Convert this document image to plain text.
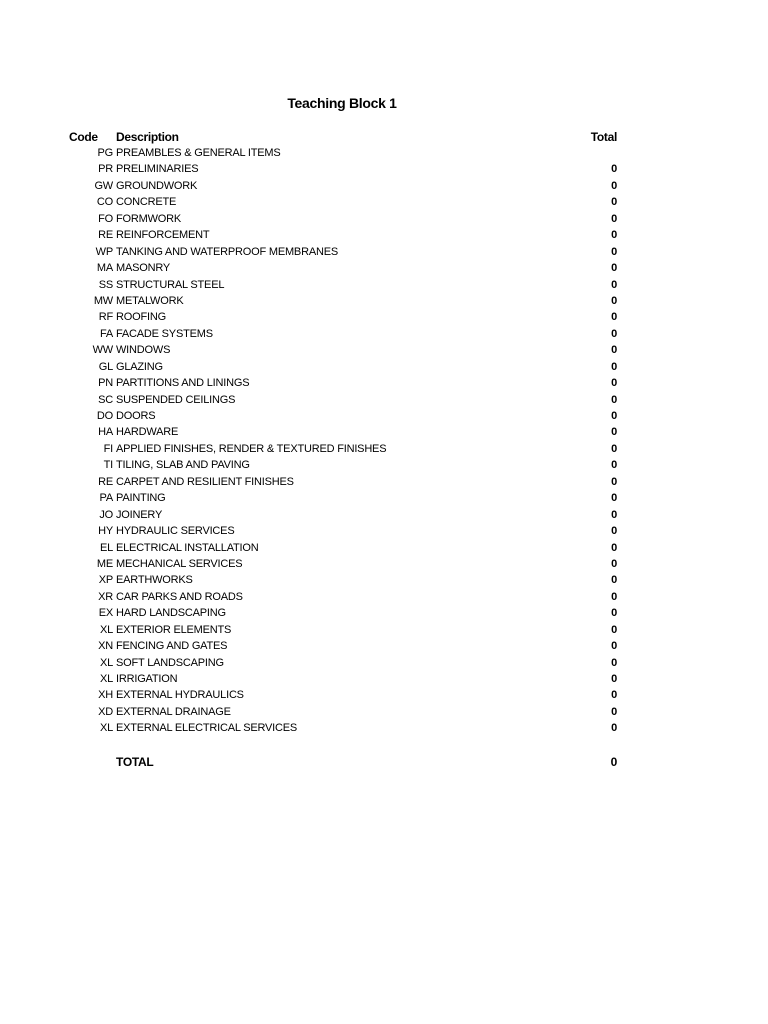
Teaching Block 1
Code Description	Total
PG PREAMBLES & GENERAL ITEMS
PR PRELIMINARIES	0
GW GROUNDWORK	0
CO CONCRETE	0
FO FORMWORK	0
RE REINFORCEMENT	0
WP TANKING AND WATERPROOF MEMBRANES	0
MA MASONRY	0
SS STRUCTURAL STEEL	0
MW METALWORK	0
RF ROOFING	0
FA FACADE SYSTEMS	0
WW WINDOWS	0
GL GLAZING	0
PN PARTITIONS AND LININGS	0
SC SUSPENDED CEILINGS	0
DO DOORS	0
HA HARDWARE	0
FI APPLIED FINISHES, RENDER & TEXTURED FINISHES	0
TI TILING, SLAB AND PAVING	0
RE CARPET AND RESILIENT FINISHES	0
PA PAINTING	0
JO JOINERY	0
HY HYDRAULIC SERVICES	0
EL ELECTRICAL INSTALLATION	0
ME MECHANICAL SERVICES	0
XP EARTHWORKS	0
XR CAR PARKS AND ROADS	0
EX HARD LANDSCAPING	0
XL EXTERIOR ELEMENTS	0
XN FENCING AND GATES	0
XL SOFT LANDSCAPING	0
XL IRRIGATION	0
XH EXTERNAL HYDRAULICS	0
XD EXTERNAL DRAINAGE	0
XL EXTERNAL ELECTRICAL SERVICES	0
TOTAL	0
